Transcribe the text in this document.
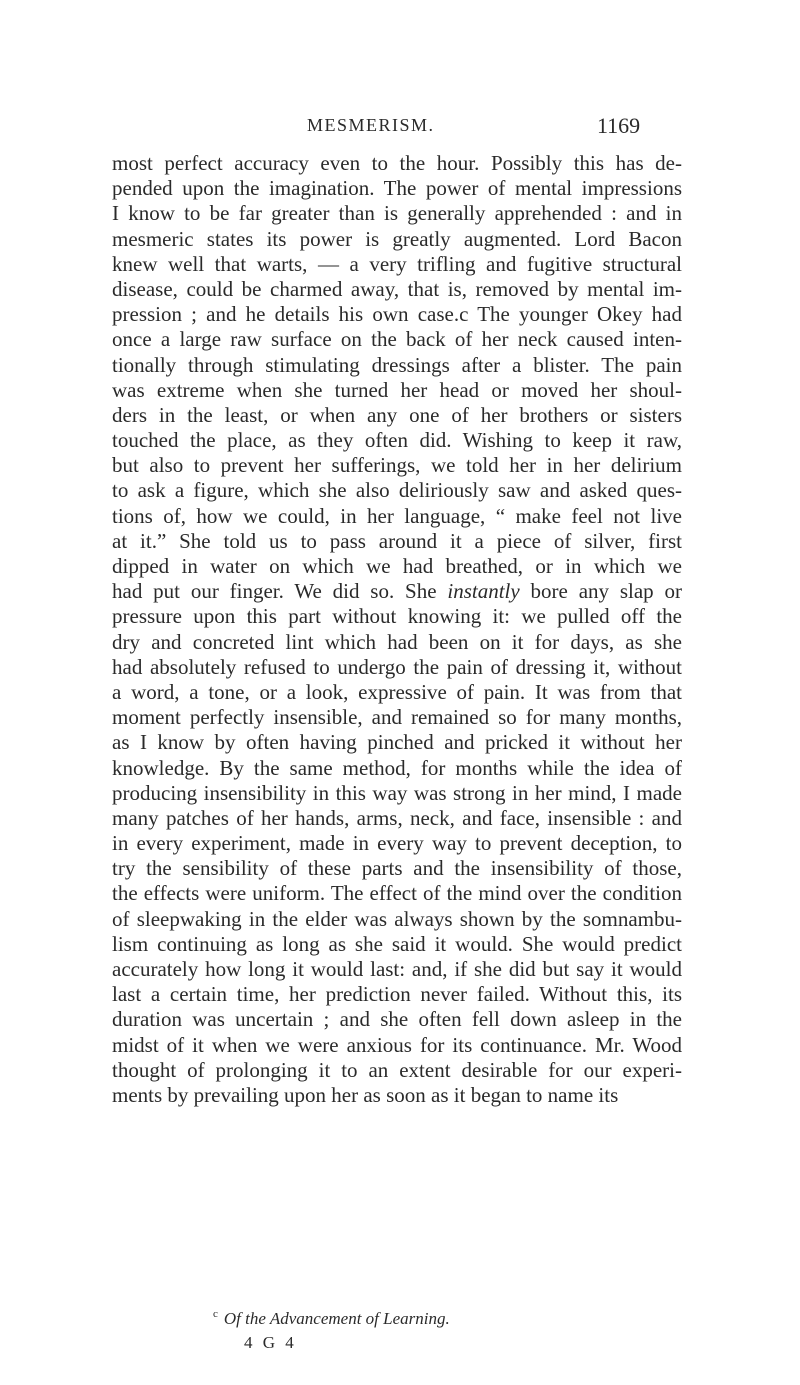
MESMERISM.	1169
most perfect accuracy even to the hour. Possibly this has de-
pended upon the imagination. The power of mental impressions
I know to be far greater than is generally apprehended : and in
mesmeric states its power is greatly augmented. Lord Bacon
knew well that warts, — a very trifling and fugitive structural
disease, could be charmed away, that is, removed by mental im-
pression ; and he details his own case.c The younger Okey had
once a large raw surface on the back of her neck caused inten-
tionally through stimulating dressings after a blister. The pain
was extreme when she turned her head or moved her shoul-
ders in the least, or when any one of her brothers or sisters
touched the place, as they often did. Wishing to keep it raw,
but also to prevent her sufferings, we told her in her delirium
to ask a figure, which she also deliriously saw and asked ques-
tions of, how we could, in her language, “ make feel not live
at it.” She told us to pass around it a piece of silver, first
dipped in water on which we had breathed, or in which we
had put our finger. We did so. She instantly bore any slap or
pressure upon this part without knowing it: we pulled off the
dry and concreted lint which had been on it for days, as she
had absolutely refused to undergo the pain of dressing it, without
a word, a tone, or a look, expressive of pain. It was from that
moment perfectly insensible, and remained so for many months,
as I know by often having pinched and pricked it without her
knowledge. By the same method, for months while the idea of
producing insensibility in this way was strong in her mind, I made
many patches of her hands, arms, neck, and face, insensible : and
in every experiment, made in every way to prevent deception, to
try the sensibility of these parts and the insensibility of those,
the effects were uniform. The effect of the mind over the condition
of sleepwaking in the elder was always shown by the somnambu-
lism continuing as long as she said it would. She would predict
accurately how long it would last: and, if she did but say it would
last a certain time, her prediction never failed. Without this, its
duration was uncertain ; and she often fell down asleep in the
midst of it when we were anxious for its continuance. Mr. Wood
thought of prolonging it to an extent desirable for our experi-
ments by prevailing upon her as soon as it began to name its
$^c$ Of the Advancement of Learning.
4 G 4
